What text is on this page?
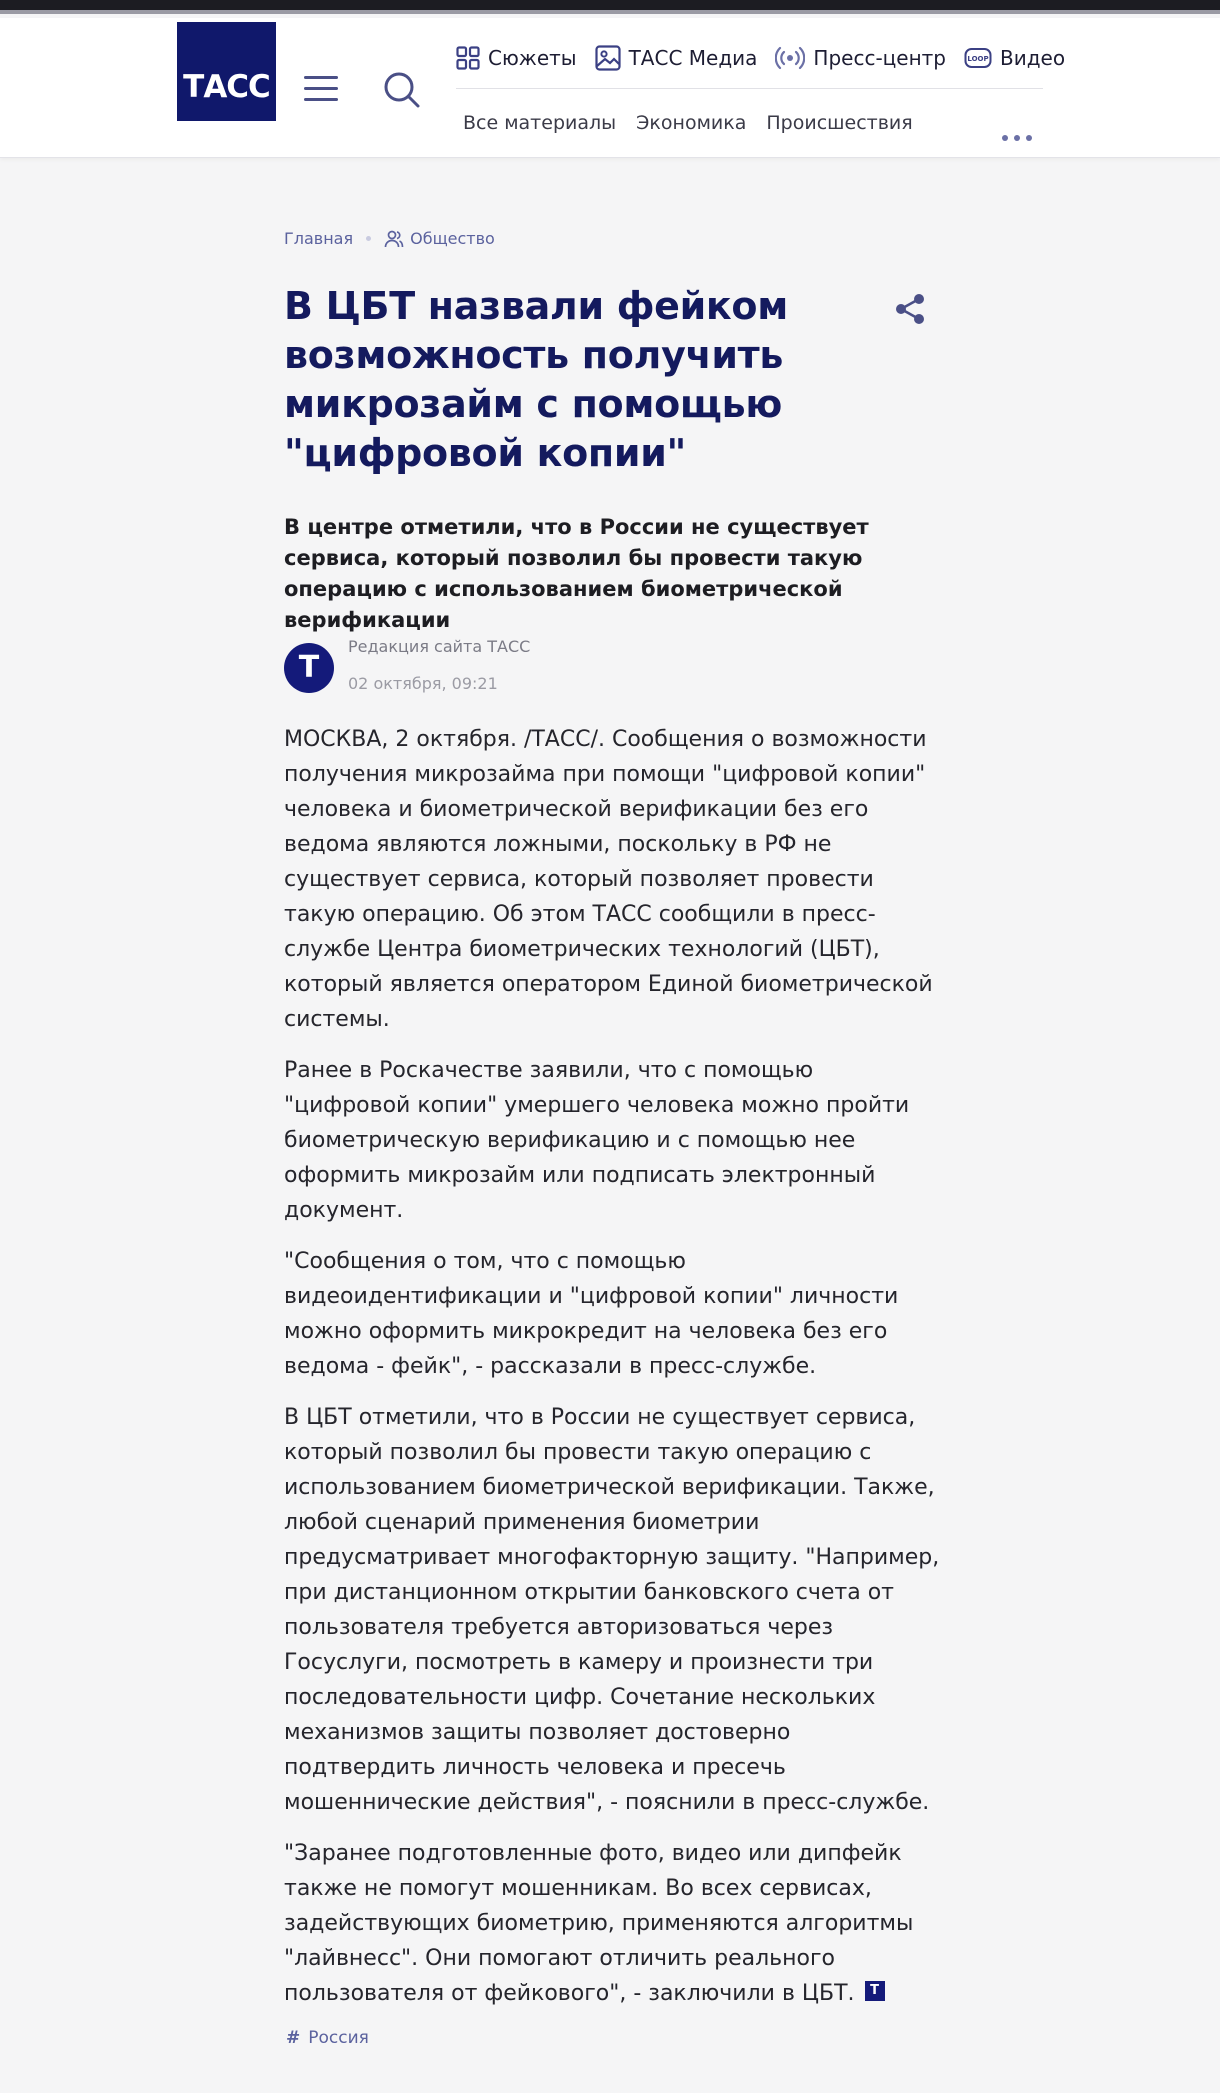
ТАСС
Сюжеты	ТАСС Медиа	Пресс-центр	LOOP Видео
Все материалы Экономика Происшествия
Главная	Общество
В ЦБТ назвали фейком возможность получить микрозайм с помощью "цифровой копии"

В центре отметили, что в России не существует сервиса, который позволил бы провести такую операцию с использованием биометрической верификации

Т
Редакция сайта ТАСС
02 октября, 09:21

МОСКВА, 2 октября. /ТАСС/. Сообщения о возможности получения микрозайма при помощи "цифровой копии" человека и биометрической верификации без его ведома являются ложными, поскольку в РФ не существует сервиса, который позволяет провести такую операцию. Об этом ТАСС сообщили в пресс-службе Центра биометрических технологий (ЦБТ), который является оператором Единой биометрической системы.

Ранее в Роскачестве заявили, что с помощью "цифровой копии" умершего человека можно пройти биометрическую верификацию и с помощью нее оформить микрозайм или подписать электронный документ.

"Сообщения о том, что с помощью видеоидентификации и "цифровой копии" личности можно оформить микрокредит на человека без его ведома - фейк", - рассказали в пресс-службе.

В ЦБТ отметили, что в России не существует сервиса, который позволил бы провести такую операцию с использованием биометрической верификации. Также, любой сценарий применения биометрии предусматривает многофакторную защиту. "Например, при дистанционном открытии банковского счета от пользователя требуется авторизоваться через Госуслуги, посмотреть в камеру и произнести три последовательности цифр. Сочетание нескольких механизмов защиты позволяет достоверно подтвердить личность человека и пресечь мошеннические действия", - пояснили в пресс-службе.

"Заранее подготовленные фото, видео или дипфейк также не помогут мошенникам. Во всех сервисах, задействующих биометрию, применяются алгоритмы "лайвнесс". Они помогают отличить реального пользователя от фейкового", - заключили в ЦБТ. Т

# Россия
